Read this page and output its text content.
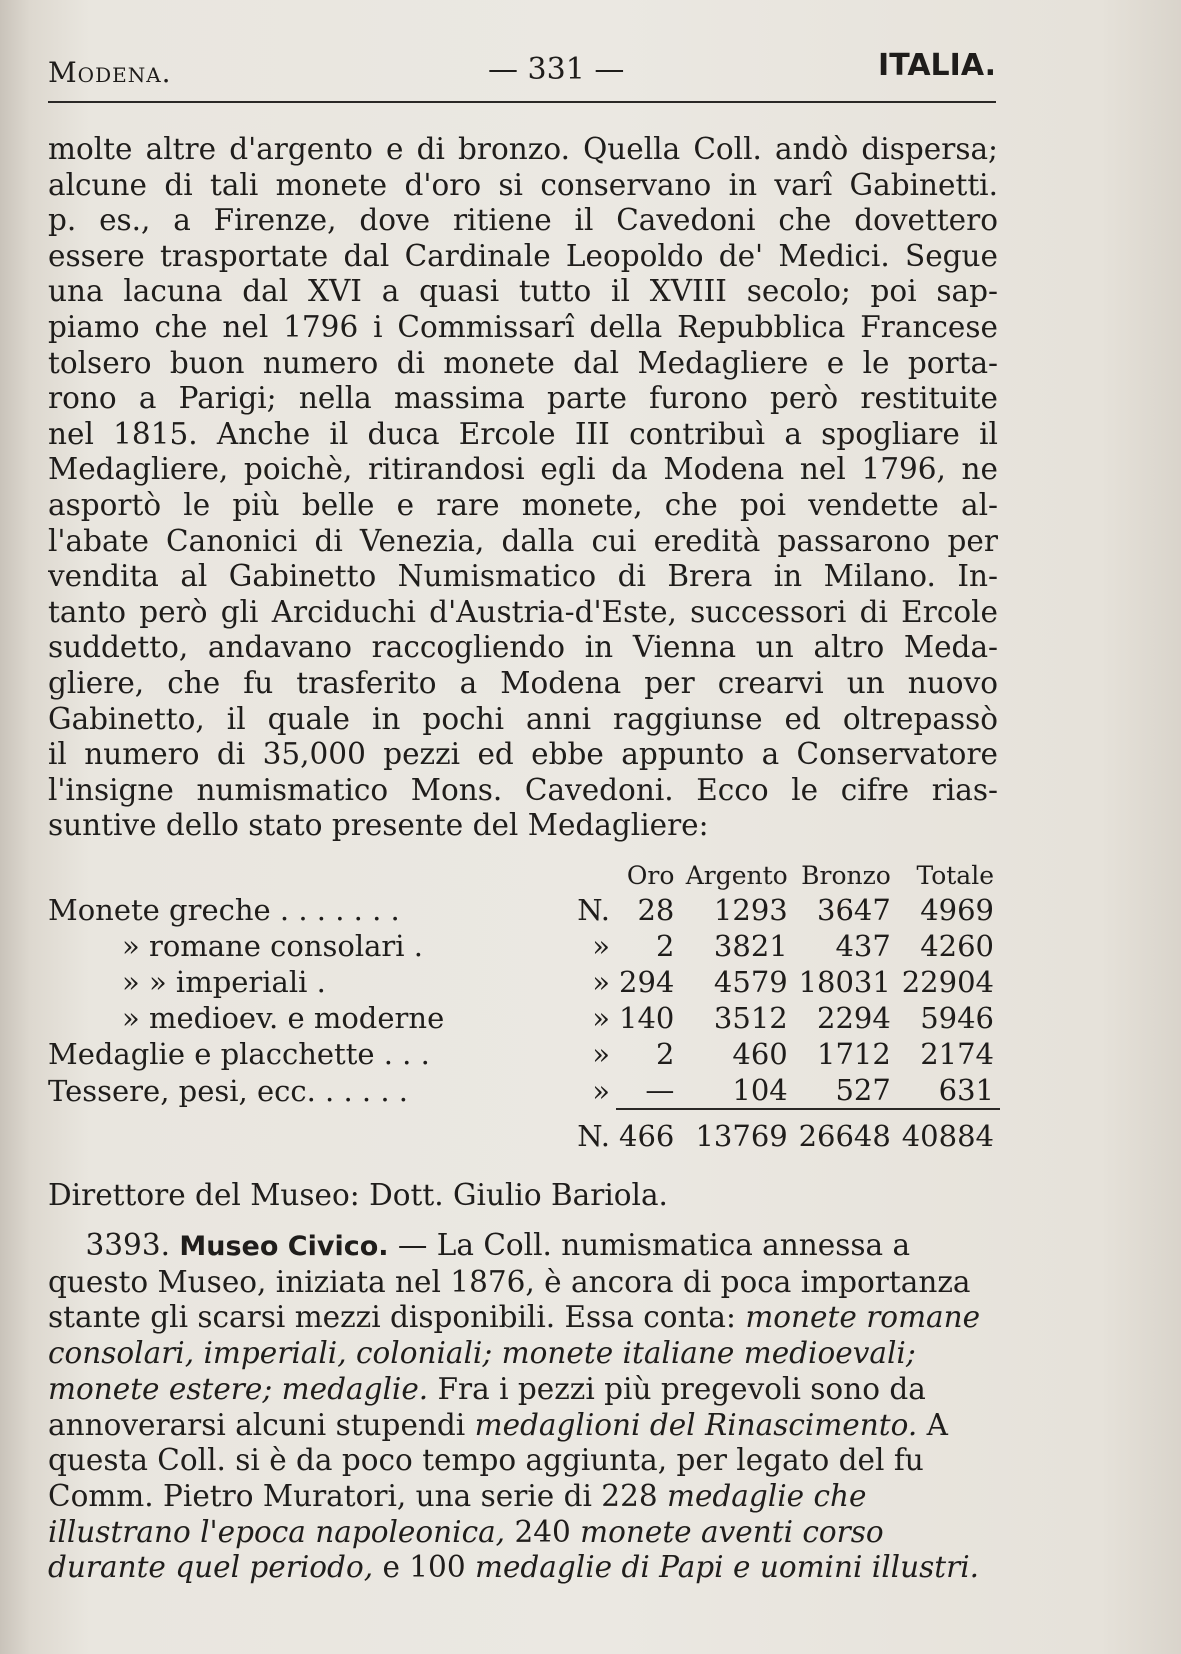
Modena.	— 331 —	ITALIA.
molte altre d'argento e di bronzo. Quella Coll. andò dispersa;
alcune di tali monete d'oro si conservano in varî Gabinetti.
p. es., a Firenze, dove ritiene il Cavedoni che dovettero
essere trasportate dal Cardinale Leopoldo de' Medici. Segue
una lacuna dal XVI a quasi tutto il XVIII secolo; poi sap-
piamo che nel 1796 i Commissarî della Repubblica Francese
tolsero buon numero di monete dal Medagliere e le porta-
rono a Parigi; nella massima parte furono però restituite
nel 1815. Anche il duca Ercole III contribuì a spogliare il
Medagliere, poichè, ritirandosi egli da Modena nel 1796, ne
asportò le più belle e rare monete, che poi vendette al-
l'abate Canonici di Venezia, dalla cui eredità passarono per
vendita al Gabinetto Numismatico di Brera in Milano. In-
tanto però gli Arciduchi d'Austria-d'Este, successori di Ercole
suddetto, andavano raccogliendo in Vienna un altro Meda-
gliere, che fu trasferito a Modena per crearvi un nuovo
Gabinetto, il quale in pochi anni raggiunse ed oltrepassò
il numero di 35,000 pezzi ed ebbe appunto a Conservatore
l'insigne numismatico Mons. Cavedoni. Ecco le cifre rias-
suntive dello stato presente del Medagliere:
		Oro	Argento	Bronzo	Totale
Monete greche . . . . . . .	N.	28	1293	3647	4969
» romane consolari .	»	2	3821	437	4260
» » imperiali .	»	294	4579	18031	22904
» medioev. e moderne	»	140	3512	2294	5946
Medaglie e placchette . . .	»	2	460	1712	2174
Tessere, pesi, ecc. . . . . .	»	—	104	527	631
	N.	466	13769	26648	40884
Direttore del Museo: Dott. Giulio Bariola.
3393. Museo Civico. — La Coll. numismatica annessa a questo Museo, iniziata nel 1876, è ancora di poca importanza stante gli scarsi mezzi disponibili. Essa conta: monete romane consolari, imperiali, coloniali; monete italiane medioevali; monete estere; medaglie. Fra i pezzi più pregevoli sono da annoverarsi alcuni stupendi medaglioni del Rinascimento. A questa Coll. si è da poco tempo aggiunta, per legato del fu Comm. Pietro Muratori, una serie di 228 medaglie che illustrano l'epoca napoleonica, 240 monete aventi corso durante quel periodo, e 100 medaglie di Papi e uomini illustri.
